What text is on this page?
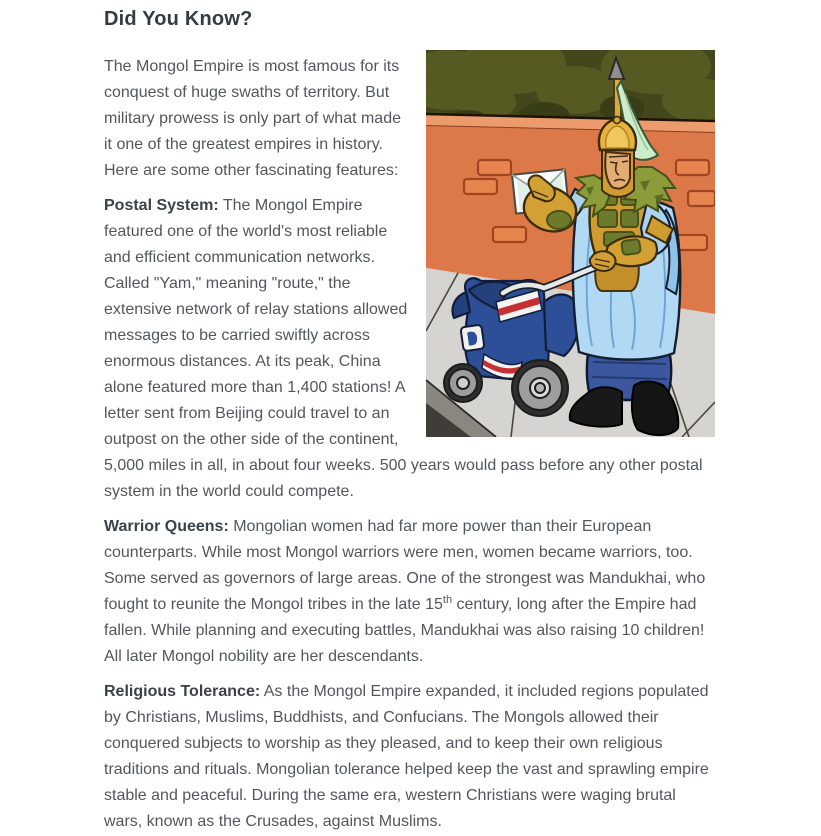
Did You Know?

The Mongol Empire is most famous for its conquest of huge swaths of territory. But military prowess is only part of what made it one of the greatest empires in history. Here are some other fascinating features:

Postal System: The Mongol Empire featured one of the world's most reliable and efficient communication networks. Called "Yam," meaning "route," the extensive network of relay stations allowed messages to be carried swiftly across enormous distances. At its peak, China alone featured more than 1,400 stations! A letter sent from Beijing could travel to an outpost on the other side of the continent, 5,000 miles in all, in about four weeks. 500 years would pass before any other postal system in the world could compete.

Warrior Queens: Mongolian women had far more power than their European counterparts. While most Mongol warriors were men, women became warriors, too. Some served as governors of large areas. One of the strongest was Mandukhai, who fought to reunite the Mongol tribes in the late 15th century, long after the Empire had fallen. While planning and executing battles, Mandukhai was also raising 10 children! All later Mongol nobility are her descendants.

Religious Tolerance: As the Mongol Empire expanded, it included regions populated by Christians, Muslims, Buddhists, and Confucians. The Mongols allowed their conquered subjects to worship as they pleased, and to keep their own religious traditions and rituals. Mongolian tolerance helped keep the vast and sprawling empire stable and peaceful. During the same era, western Christians were waging brutal wars, known as the Crusades, against Muslims.
